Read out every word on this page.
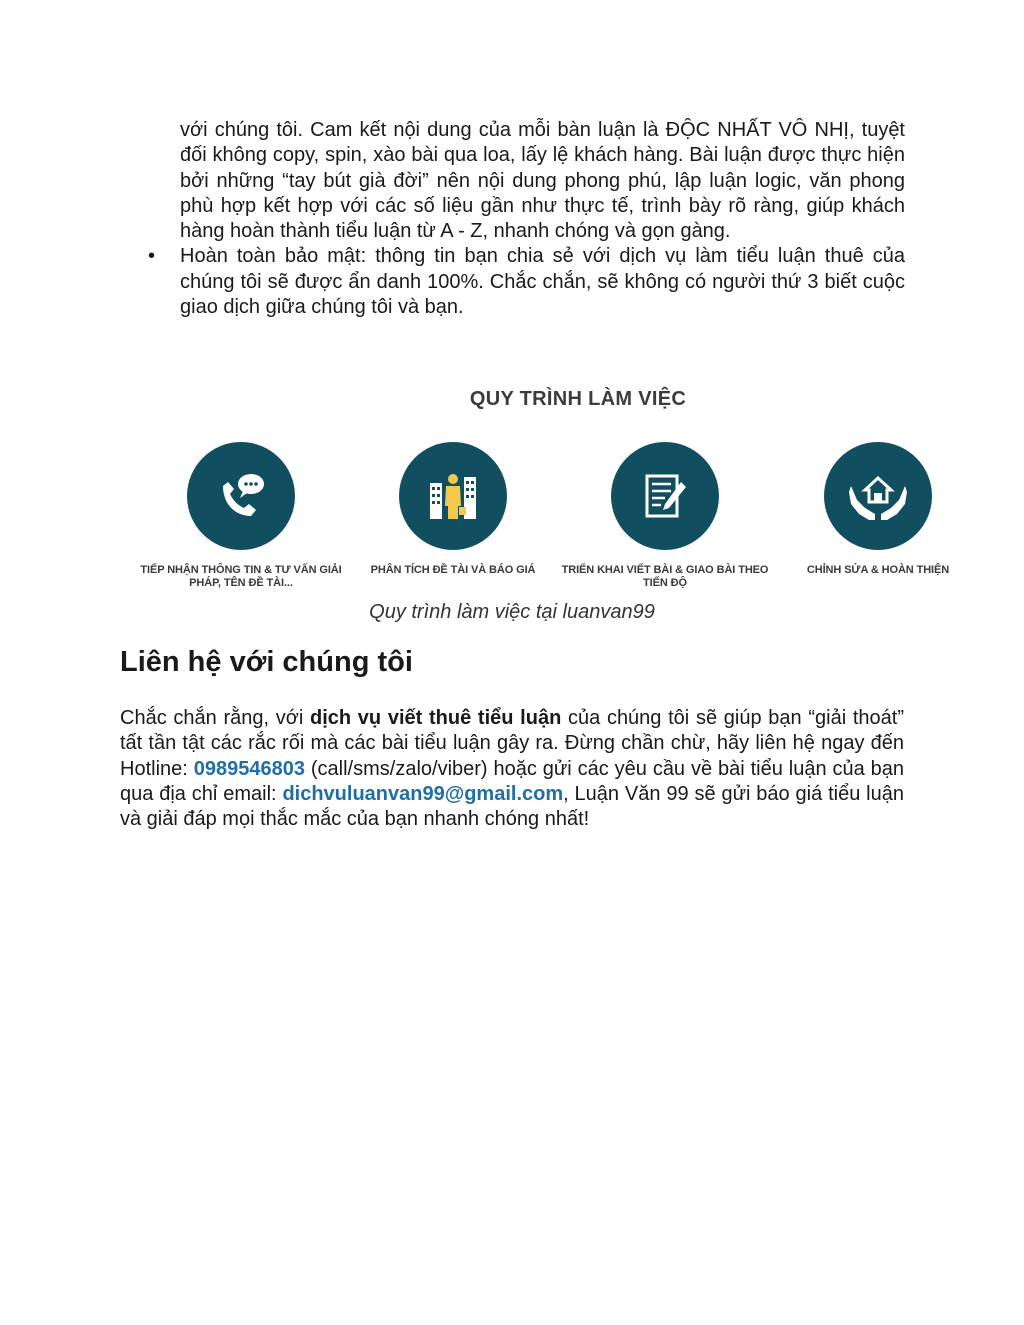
với chúng tôi. Cam kết nội dung của mỗi bàn luận là ĐỘC NHẤT VÔ NHỊ, tuyệt đối không copy, spin, xào bài qua loa, lấy lệ khách hàng. Bài luận được thực hiện bởi những “tay bút già đời” nên nội dung phong phú, lập luận logic, văn phong phù hợp kết hợp với các số liệu gần như thực tế, trình bày rõ ràng, giúp khách hàng hoàn thành tiểu luận từ A - Z, nhanh chóng và gọn gàng.

• Hoàn toàn bảo mật: thông tin bạn chia sẻ với dịch vụ làm tiểu luận thuê của chúng tôi sẽ được ẩn danh 100%. Chắc chắn, sẽ không có người thứ 3 biết cuộc giao dịch giữa chúng tôi và bạn.

QUY TRÌNH LÀM VIỆC
TIẾP NHẬN THÔNG TIN & TƯ VẤN GIẢI PHÁP, TÊN ĐỀ TÀI...
PHÂN TÍCH ĐỀ TÀI VÀ BÁO GIÁ	TRIỂN KHAI VIẾT BÀI & GIAO BÀI THEO TIẾN ĐỘ
CHỈNH SỬA & HOÀN THIỆN
Quy trình làm việc tại luanvan99
Liên hệ với chúng tôi

Chắc chắn rằng, với dịch vụ viết thuê tiểu luận của chúng tôi sẽ giúp bạn “giải thoát” tất tần tật các rắc rối mà các bài tiểu luận gây ra. Đừng chần chừ, hãy liên hệ ngay đến Hotline: 0989546803 (call/sms/zalo/viber) hoặc gửi các yêu cầu về bài tiểu luận của bạn qua địa chỉ email: dichvuluanvan99@gmail.com, Luận Văn 99 sẽ gửi báo giá tiểu luận và giải đáp mọi thắc mắc của bạn nhanh chóng nhất!
